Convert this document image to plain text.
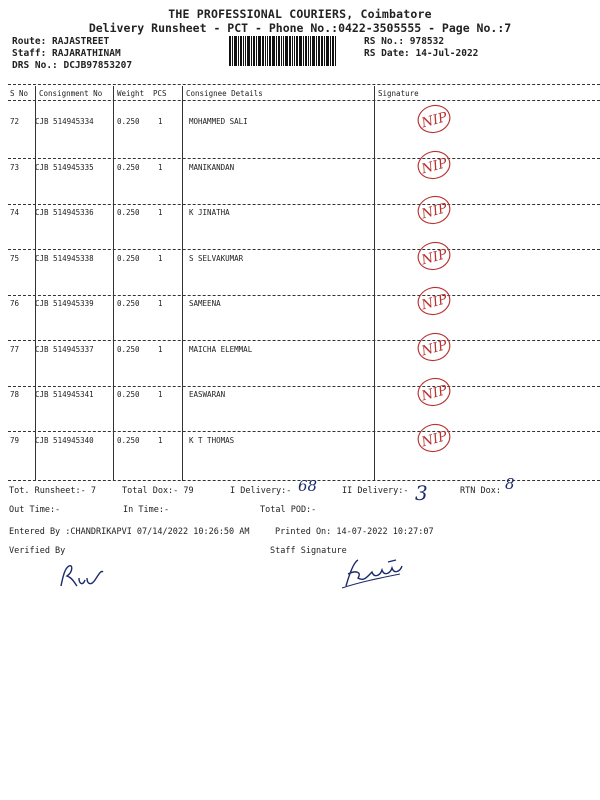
THE PROFESSIONAL COURIERS, Coimbatore
Delivery Runsheet - PCT - Phone No.:0422-3505555 - Page No.:7
Route: RAJASTREET
Staff: RAJARATHINAM
DRS No.: DCJB97853207
RS No.: 978532
RS Date: 14-Jul-2022
S No Consignment No Weight PCS	Consignee Details	Signature
72 CJB 514945334	0.250 1	MOHAMMED SALI	NIP
73 CJB 514945335	0.250 1	MANIKANDAN	NIP
74 CJB 514945336	0.250 1	K JINATHA	NIP
75 CJB 514945338	0.250 1	S SELVAKUMAR	NIP
76 CJB 514945339	0.250 1	SAMEENA	NIP
77 CJB 514945337	0.250 1	MAICHA ELEMMAL	NIP
78 CJB 514945341	0.250 1	EASWARAN	NIP
79 CJB 514945340	0.250 1	K T THOMAS	NIP
Tot. Runsheet:- 7	Total Dox:- 79	I Delivery:- 68	II Delivery:- 3	RTN Dox: 8
Out Time:-	In Time:-	Total POD:-
Entered By :CHANDRIKAPVI 07/14/2022 10:26:50 AM	Printed On: 14-07-2022 10:27:07
Verified By	Staff Signature
